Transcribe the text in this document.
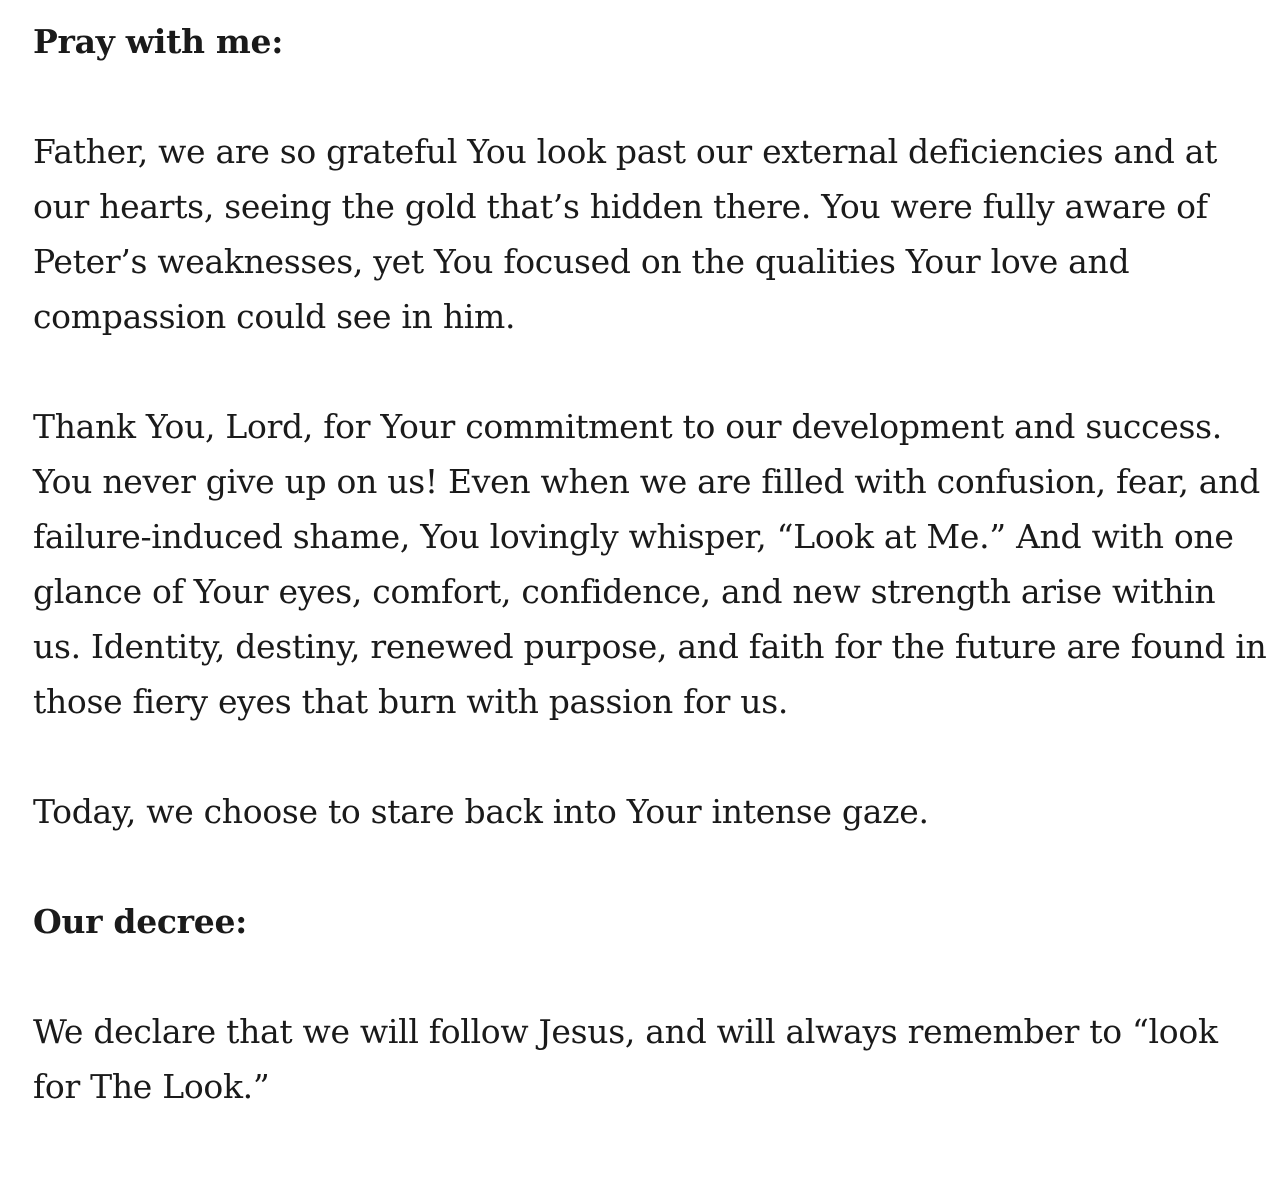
Pray with me:

Father, we are so grateful You look past our external deficiencies and at our hearts, seeing the gold that’s hidden there. You were fully aware of Peter’s weaknesses, yet You focused on the qualities Your love and compassion could see in him.

Thank You, Lord, for Your commitment to our development and success. You never give up on us! Even when we are filled with confusion, fear, and failure-induced shame, You lovingly whisper, “Look at Me.” And with one glance of Your eyes, comfort, confidence, and new strength arise within us. Identity, destiny, renewed purpose, and faith for the future are found in those fiery eyes that burn with passion for us.

Today, we choose to stare back into Your intense gaze.

Our decree:

We declare that we will follow Jesus, and will always remember to “look for The Look.”
